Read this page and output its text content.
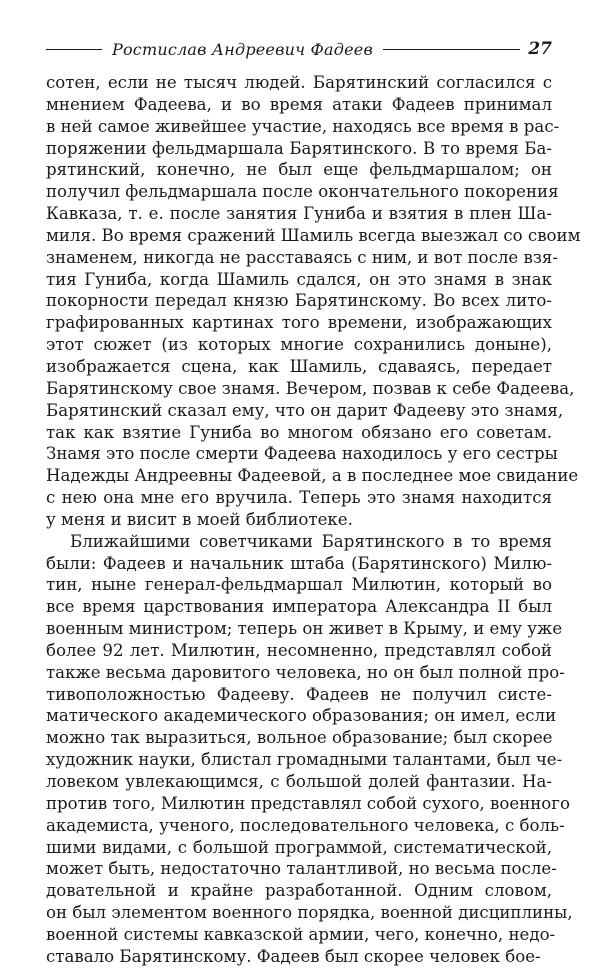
Ростислав Андреевич Фадеев	27

сотен, если не тысяч людей. Барятинский согласился с
мнением Фадеева, и во время атаки Фадеев принимал
в ней самое живейшее участие, находясь все время в рас-
поряжении фельдмаршала Барятинского. В то время Ба-
рятинский, конечно, не был еще фельдмаршалом; он
получил фельдмаршала после окончательного покорения
Кавказа, т. е. после занятия Гуниба и взятия в плен Ша-
миля. Во время сражений Шамиль всегда выезжал со своим
знаменем, никогда не расставаясь с ним, и вот после взя-
тия Гуниба, когда Шамиль сдался, он это знамя в знак
покорности передал князю Барятинскому. Во всех лито-
графированных картинах того времени, изображающих
этот сюжет (из которых многие сохранились доныне),
изображается сцена, как Шамиль, сдаваясь, передает
Барятинскому свое знамя. Вечером, позвав к себе Фадеева,
Барятинский сказал ему, что он дарит Фадееву это знамя,
так как взятие Гуниба во многом обязано его советам.
Знамя это после смерти Фадеева находилось у его сестры
Надежды Андреевны Фадеевой, а в последнее мое свидание
с нею она мне его вручила. Теперь это знамя находится
у меня и висит в моей библиотеке.

Ближайшими советчиками Барятинского в то время
были: Фадеев и начальник штаба (Барятинского) Милю-
тин, ныне генерал-фельдмаршал Милютин, который во
все время царствования императора Александра II был
военным министром; теперь он живет в Крыму, и ему уже
более 92 лет. Милютин, несомненно, представлял собой
также весьма даровитого человека, но он был полной про-
тивоположностью Фадееву. Фадеев не получил систе-
матического академического образования; он имел, если
можно так выразиться, вольное образование; был скорее
художник науки, блистал громадными талантами, был че-
ловеком увлекающимся, с большой долей фантазии. На-
против того, Милютин представлял собой сухого, военного
академиста, ученого, последовательного человека, с боль-
шими видами, с большой программой, систематической,
может быть, недостаточно талантливой, но весьма после-
довательной и крайне разработанной. Одним словом,
он был элементом военного порядка, военной дисциплины,
военной системы кавказской армии, чего, конечно, недо-
ставало Барятинскому. Фадеев был скорее человек бое-
